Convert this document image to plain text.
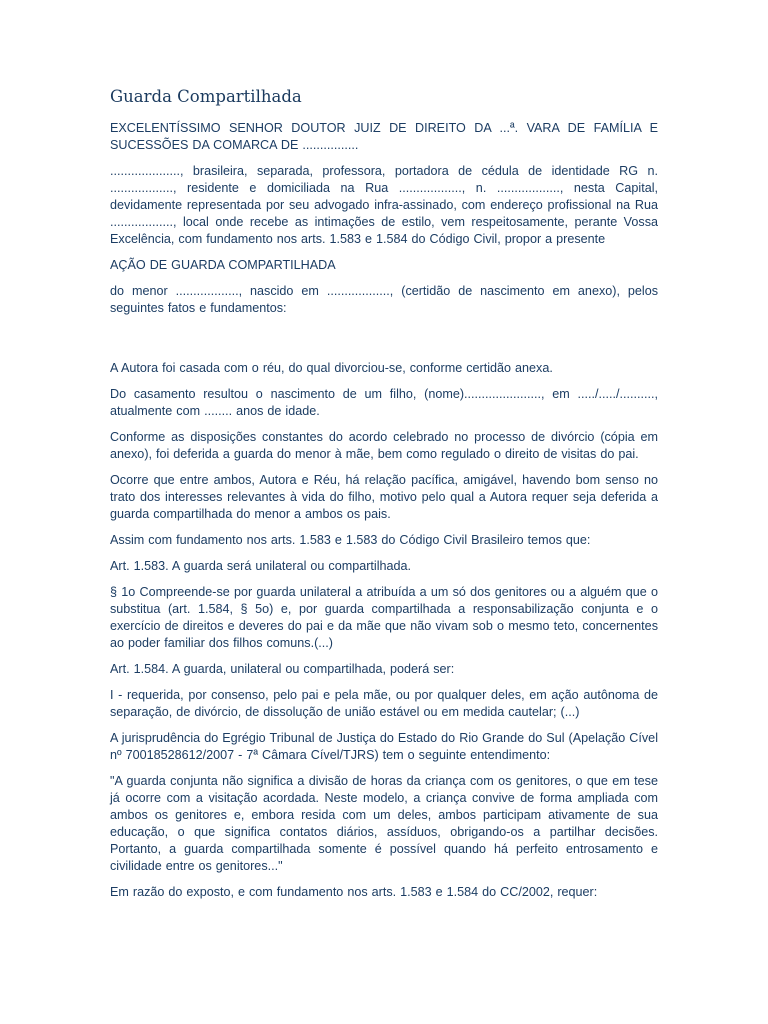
Guarda Compartilhada
EXCELENTÍSSIMO SENHOR DOUTOR JUIZ DE DIREITO DA ...ª. VARA DE FAMÍLIA E SUCESSÕES DA COMARCA DE ................
...................., brasileira, separada, professora, portadora de cédula de identidade RG n. .................., residente e domiciliada na Rua .................., n. .................., nesta Capital, devidamente representada por seu advogado infra-assinado, com endereço profissional na Rua .................., local onde recebe as intimações de estilo, vem respeitosamente, perante Vossa Excelência, com fundamento nos arts. 1.583 e 1.584 do Código Civil, propor a presente
AÇÃO DE GUARDA COMPARTILHADA
do menor .................., nascido em .................., (certidão de nascimento em anexo), pelos seguintes fatos e fundamentos:
A Autora foi casada com o réu, do qual divorciou-se, conforme certidão anexa.
Do casamento resultou o nascimento de um filho, (nome)......................, em ...../...../.........., atualmente com ........ anos de idade.
Conforme as disposições constantes do acordo celebrado no processo de divórcio (cópia em anexo), foi deferida a guarda do menor à mãe, bem como regulado o direito de visitas do pai.
Ocorre que entre ambos, Autora e Réu, há relação pacífica, amigável, havendo bom senso no trato dos interesses relevantes à vida do filho, motivo pelo qual a Autora requer seja deferida a guarda compartilhada do menor a ambos os pais.
Assim com fundamento nos arts. 1.583 e 1.583 do Código Civil Brasileiro temos que:
Art. 1.583. A guarda será unilateral ou compartilhada.
§ 1o Compreende-se por guarda unilateral a atribuída a um só dos genitores ou a alguém que o substitua (art. 1.584, § 5o) e, por guarda compartilhada a responsabilização conjunta e o exercício de direitos e deveres do pai e da mãe que não vivam sob o mesmo teto, concernentes ao poder familiar dos filhos comuns.(...)
Art. 1.584. A guarda, unilateral ou compartilhada, poderá ser:
I - requerida, por consenso, pelo pai e pela mãe, ou por qualquer deles, em ação autônoma de separação, de divórcio, de dissolução de união estável ou em medida cautelar; (...)
A jurisprudência do Egrégio Tribunal de Justiça do Estado do Rio Grande do Sul (Apelação Cível nº 70018528612/2007 - 7ª Câmara Cível/TJRS) tem o seguinte entendimento:
"A guarda conjunta não significa a divisão de horas da criança com os genitores, o que em tese já ocorre com a visitação acordada. Neste modelo, a criança convive de forma ampliada com ambos os genitores e, embora resida com um deles, ambos participam ativamente de sua educação, o que significa contatos diários, assíduos, obrigando-os a partilhar decisões. Portanto, a guarda compartilhada somente é possível quando há perfeito entrosamento e civilidade entre os genitores..."
Em razão do exposto, e com fundamento nos arts. 1.583 e 1.584 do CC/2002, requer:
